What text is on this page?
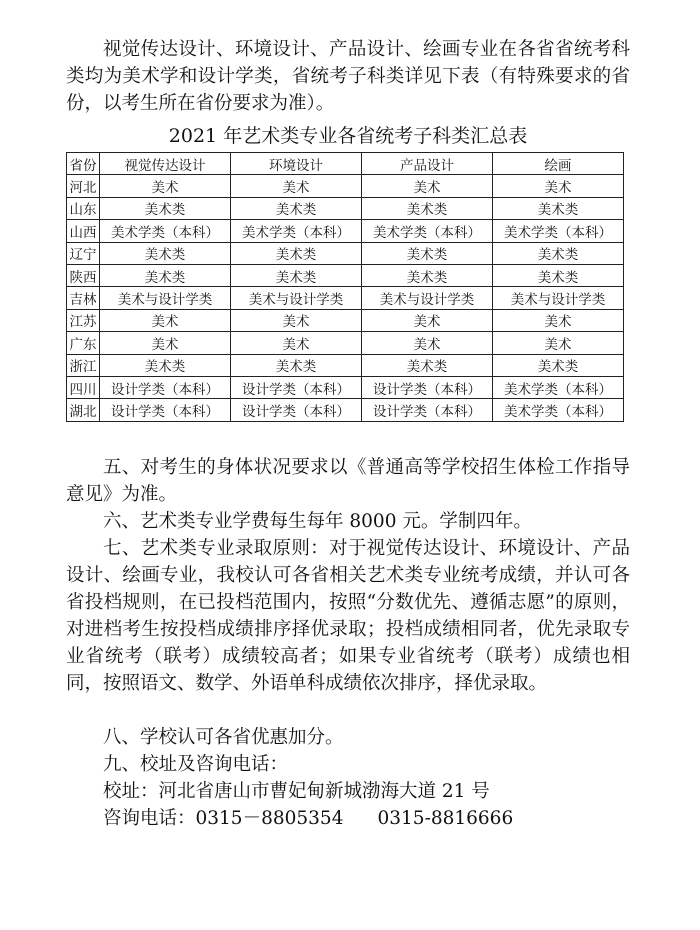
视觉传达设计、环境设计、产品设计、绘画专业在各省省统考科类均为美术学和设计学类，省统考子科类详见下表（有特殊要求的省份，以考生所在省份要求为准）。

2021 年艺术类专业各省统考子科类汇总表

省份	视觉传达设计	环境设计	产品设计	绘画
河北	美术	美术	美术	美术
山东	美术类	美术类	美术类	美术类
山西	美术学类（本科）	美术学类（本科）	美术学类（本科）	美术学类（本科）
辽宁	美术类	美术类	美术类	美术类
陕西	美术类	美术类	美术类	美术类
吉林	美术与设计学类	美术与设计学类	美术与设计学类	美术与设计学类
江苏	美术	美术	美术	美术
广东	美术	美术	美术	美术
浙江	美术类	美术类	美术类	美术类
四川	设计学类（本科）	设计学类（本科）	设计学类（本科）	美术学类（本科）
湖北	设计学类（本科）	设计学类（本科）	设计学类（本科）	美术学类（本科）

五、对考生的身体状况要求以《普通高等学校招生体检工作指导意见》为准。

六、艺术类专业学费每生每年 8000 元。学制四年。

七、艺术类专业录取原则：对于视觉传达设计、环境设计、产品设计、绘画专业，我校认可各省相关艺术类专业统考成绩，并认可各省投档规则，在已投档范围内，按照“分数优先、遵循志愿”的原则，对进档考生按投档成绩排序择优录取；投档成绩相同者，优先录取专业省统考（联考）成绩较高者；如果专业省统考（联考）成绩也相同，按照语文、数学、外语单科成绩依次排序，择优录取。

八、学校认可各省优惠加分。

九、校址及咨询电话：

校址：河北省唐山市曹妃甸新城渤海大道 21 号

咨询电话：0315－8805354 0315-8816666
